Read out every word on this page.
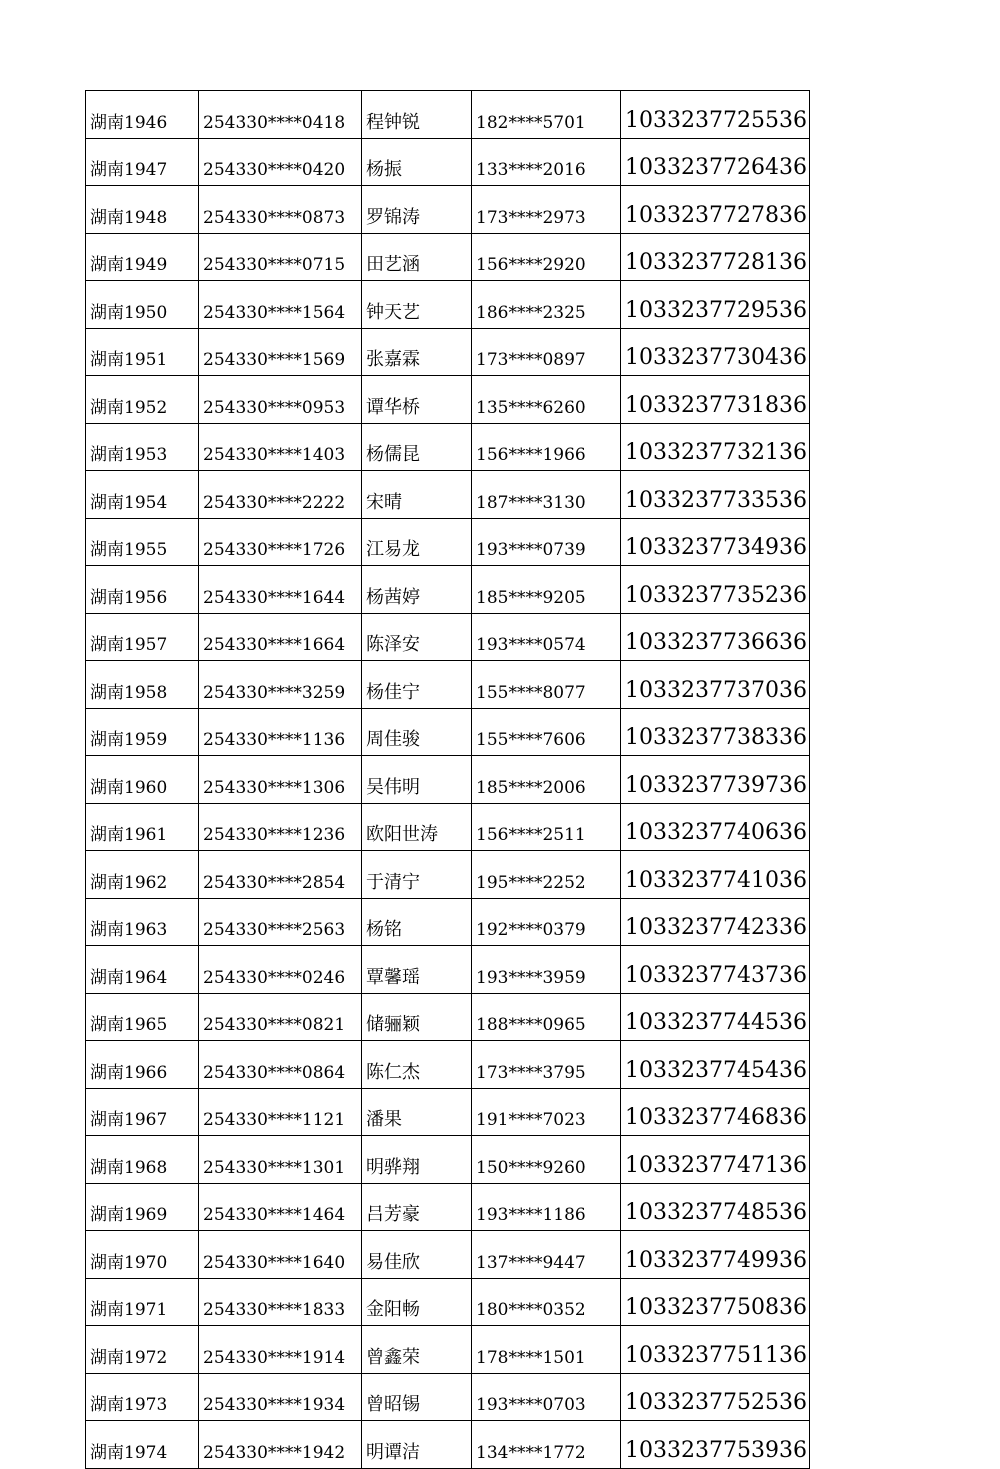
湖南1946	254330****0418	程钟锐	182****5701	1033237725536
湖南1947	254330****0420	杨振	133****2016	1033237726436
湖南1948	254330****0873	罗锦涛	173****2973	1033237727836
湖南1949	254330****0715	田艺涵	156****2920	1033237728136
湖南1950	254330****1564	钟天艺	186****2325	1033237729536
湖南1951	254330****1569	张嘉霖	173****0897	1033237730436
湖南1952	254330****0953	谭华桥	135****6260	1033237731836
湖南1953	254330****1403	杨儒昆	156****1966	1033237732136
湖南1954	254330****2222	宋晴	187****3130	1033237733536
湖南1955	254330****1726	江易龙	193****0739	1033237734936
湖南1956	254330****1644	杨茜婷	185****9205	1033237735236
湖南1957	254330****1664	陈泽安	193****0574	1033237736636
湖南1958	254330****3259	杨佳宁	155****8077	1033237737036
湖南1959	254330****1136	周佳骏	155****7606	1033237738336
湖南1960	254330****1306	吴伟明	185****2006	1033237739736
湖南1961	254330****1236	欧阳世涛	156****2511	1033237740636
湖南1962	254330****2854	于清宁	195****2252	1033237741036
湖南1963	254330****2563	杨铭	192****0379	1033237742336
湖南1964	254330****0246	覃馨瑶	193****3959	1033237743736
湖南1965	254330****0821	储骊颖	188****0965	1033237744536
湖南1966	254330****0864	陈仁杰	173****3795	1033237745436
湖南1967	254330****1121	潘果	191****7023	1033237746836
湖南1968	254330****1301	明骅翔	150****9260	1033237747136
湖南1969	254330****1464	吕芳豪	193****1186	1033237748536
湖南1970	254330****1640	易佳欣	137****9447	1033237749936
湖南1971	254330****1833	金阳畅	180****0352	1033237750836
湖南1972	254330****1914	曾鑫荣	178****1501	1033237751136
湖南1973	254330****1934	曾昭锡	193****0703	1033237752536
湖南1974	254330****1942	明谭洁	134****1772	1033237753936
